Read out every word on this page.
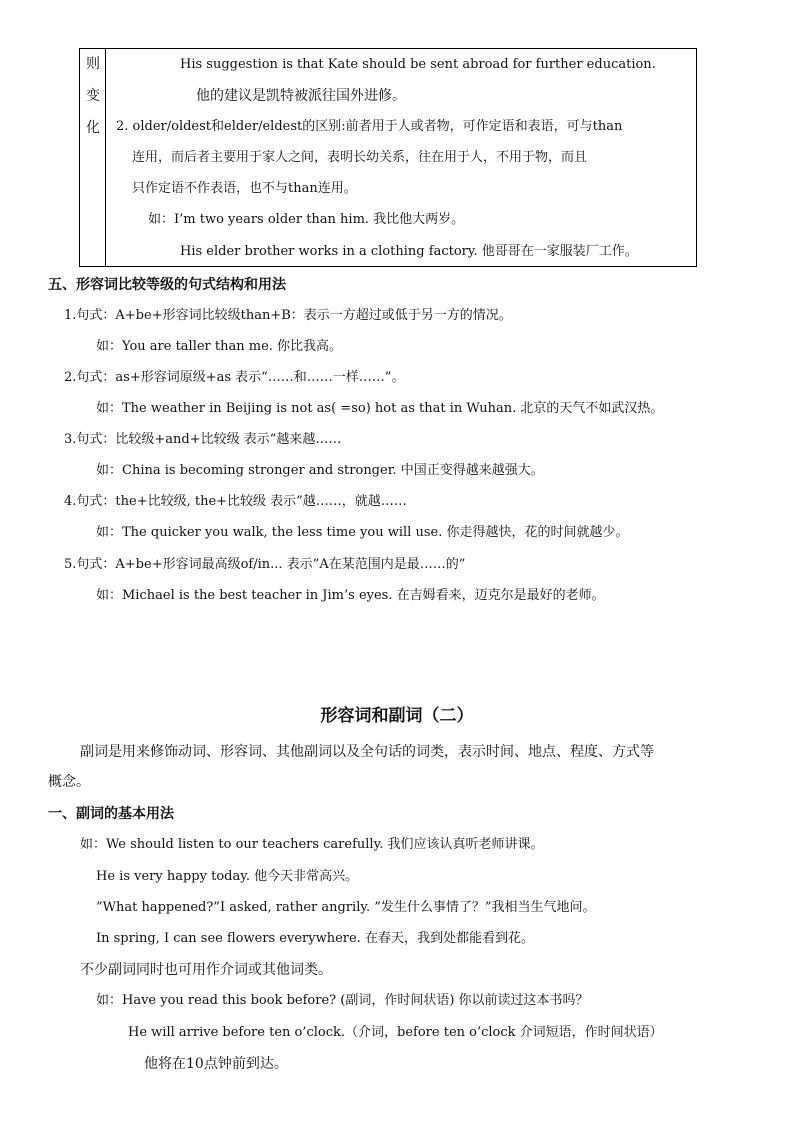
则
变
化
His suggestion is that Kate should be sent abroad for further education.
他的建议是凯特被派往国外进修。
2. older/oldest和elder/eldest的区别:前者用于人或者物，可作定语和表语，可与than
连用，而后者主要用于家人之间，表明长幼关系，往在用于人，不用于物，而且
只作定语不作表语，也不与than连用。
如：I’m two years older than him. 我比他大两岁。
His elder brother works in a clothing factory. 他哥哥在一家服装厂工作。
五、形容词比较等级的句式结构和用法
1.句式：A+be+形容词比较级than+B：表示一方超过或低于另一方的情况。
如：You are taller than me. 你比我高。
2.句式：as+形容词原级+as 表示“……和……一样……”。
如：The weather in Beijing is not as( =so) hot as that in Wuhan. 北京的天气不如武汉热。
3.句式：比较级+and+比较级 表示”越来越……
如：China is becoming stronger and stronger. 中国正变得越来越强大。
4.句式：the+比较级, the+比较级 表示”越……，就越……
如：The quicker you walk, the less time you will use. 你走得越快，花的时间就越少。
5.句式：A+be+形容词最高级of/in... 表示”A在某范围内是最……的”
如：Michael is the best teacher in Jim’s eyes. 在吉姆看来，迈克尔是最好的老师。
形容词和副词（二）
副词是用来修饰动词、形容词、其他副词以及全句话的词类，表示时间、地点、程度、方式等
概念。
一、副词的基本用法
如：We should listen to our teachers carefully. 我们应该认真听老师讲课。
He is very happy today. 他今天非常高兴。
”What happened?”I asked, rather angrily. ”发生什么事情了？”我相当生气地问。
In spring, I can see flowers everywhere. 在春天，我到处都能看到花。
不少副词同时也可用作介词或其他词类。
如：Have you read this book before? (副词，作时间状语) 你以前读过这本书吗？
He will arrive before ten o’clock.（介词，before ten o’clock 介词短语，作时间状语）
他将在10点钟前到达。
